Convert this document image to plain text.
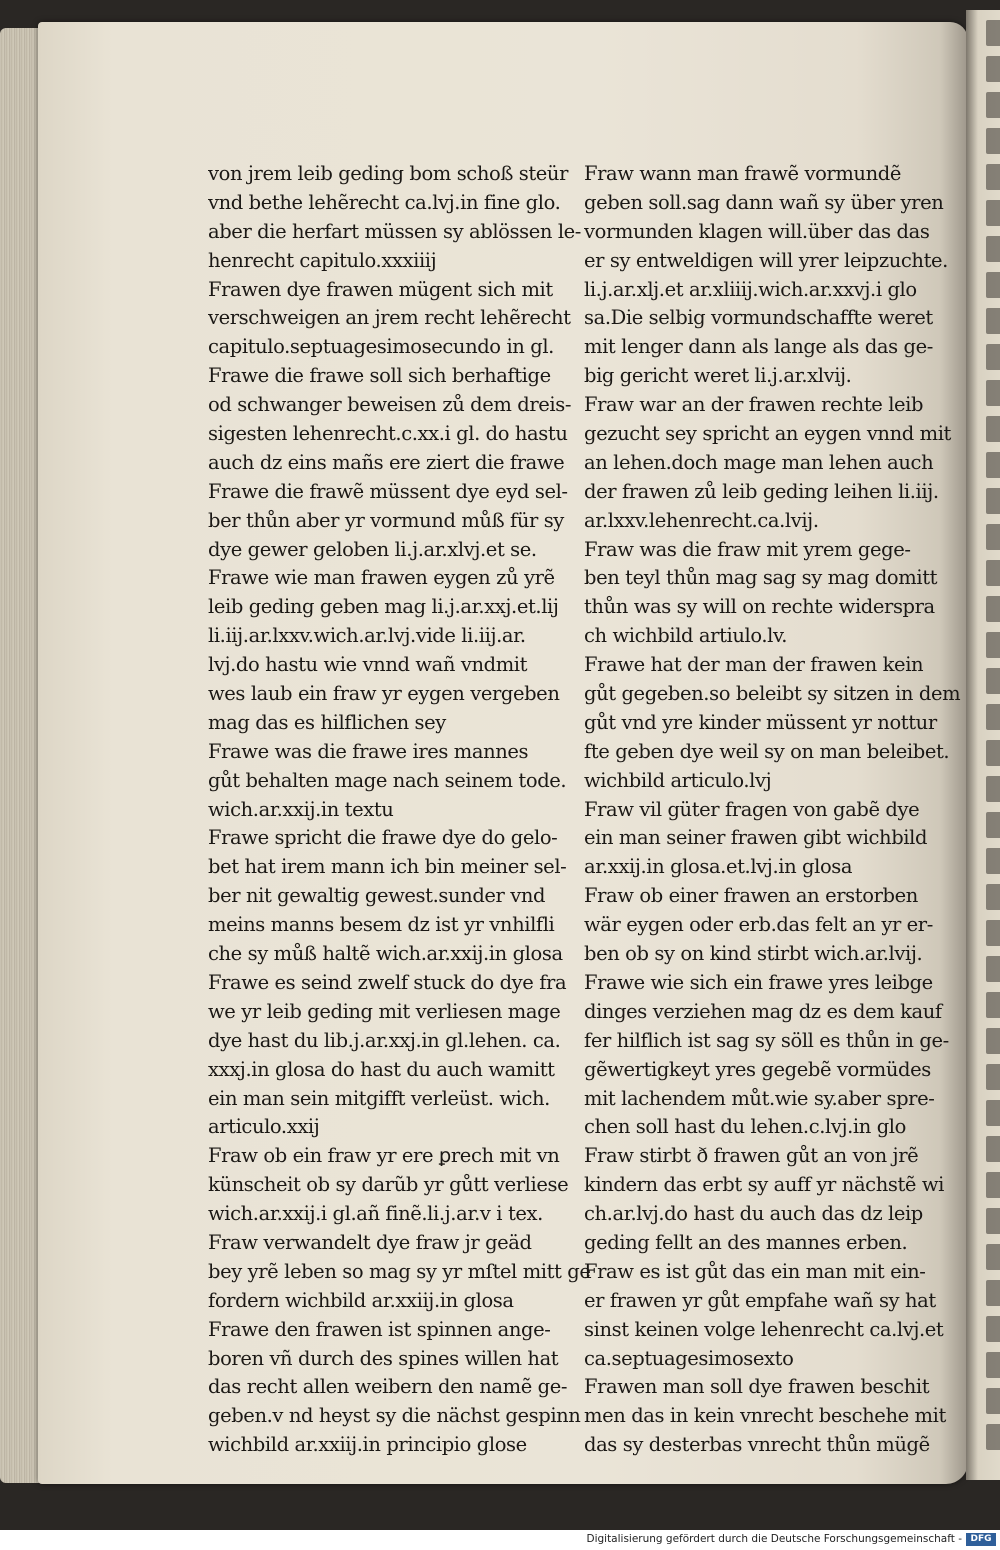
von jrem leib geding bom schoß steür
vnd bethe lehẽrecht ca.lvj.in fine glo.
aber die herfart müssen sy ablössen le-
henrecht capitulo.xxxiiij
Frawen dye frawen mügent sich mit
verschweigen an jrem recht lehẽrecht
capitulo.septuagesimosecundo in gl.
Frawe die frawe soll sich berhaftige
od schwanger beweisen zů dem dreis-
sigesten lehenrecht.c.xx.i gl. do hastu
auch dz eins mañs ere ziert die frawe
Frawe die frawẽ müssent dye eyd sel-
ber thůn aber yr vormund můß für sy
dye gewer geloben li.j.ar.xlvj.et se.
Frawe wie man frawen eygen zů yrẽ
leib geding geben mag li.j.ar.xxj.et.lij
li.iij.ar.lxxv.wich.ar.lvj.vide li.iij.ar.
lvj.do hastu wie vnnd wañ vndmit
wes laub ein fraw yr eygen vergeben
mag das es hilflichen sey
Frawe was die frawe ires mannes
gůt behalten mage nach seinem tode.
wich.ar.xxij.in textu
Frawe spricht die frawe dye do gelo-
bet hat irem mann ich bin meiner sel-
ber nit gewaltig gewest.sunder vnd
meins manns besem dz ist yr vnhilfli
che sy můß haltẽ wich.ar.xxij.in glosa
Frawe es seind zwelf stuck do dye fra
we yr leib geding mit verliesen mage
dye hast du lib.j.ar.xxj.in gl.lehen. ca.
xxxj.in glosa do hast du auch wamitt
ein man sein mitgifft verleüst. wich.
articulo.xxij
Fraw ob ein fraw yr ere ꝑrech mit vn
künscheit ob sy darũb yr gůtt verliese
wich.ar.xxij.i gl.añ finẽ.li.j.ar.v i tex.
Fraw verwandelt dye fraw jr geäd
bey yrẽ leben so mag sy yr mſtel mitt ge
fordern wichbild ar.xxiij.in glosa
Frawe den frawen ist spinnen ange-
boren vñ durch des spines willen hat
das recht allen weibern den namẽ ge-
geben.v nd heyst sy die nächst gespinn
wichbild ar.xxiij.in principio glose
Fraw wann man frawẽ vormundẽ
geben soll.sag dann wañ sy über yren
vormunden klagen will.über das das
er sy entweldigen will yrer leipzuchte.
li.j.ar.xlj.et ar.xliiij.wich.ar.xxvj.i glo
sa.Die selbig vormundschaffte weret
mit lenger dann als lange als das ge-
big gericht weret li.j.ar.xlvij.
Fraw war an der frawen rechte leib
gezucht sey spricht an eygen vnnd mit
an lehen.doch mage man lehen auch
der frawen zů leib geding leihen li.iij.
ar.lxxv.lehenrecht.ca.lvij.
Fraw was die fraw mit yrem gege-
ben teyl thůn mag sag sy mag domitt
thůn was sy will on rechte widerspra
ch wichbild artiulo.lv.
Frawe hat der man der frawen kein
gůt gegeben.so beleibt sy sitzen in dem
gůt vnd yre kinder müssent yr nottur
fte geben dye weil sy on man beleibet.
wichbild articulo.lvj
Fraw vil güter fragen von gabẽ dye
ein man seiner frawen gibt wichbild
ar.xxij.in glosa.et.lvj.in glosa
Fraw ob einer frawen an erstorben
wär eygen oder erb.das felt an yr er-
ben ob sy on kind stirbt wich.ar.lvij.
Frawe wie sich ein frawe yres leibge
dinges verziehen mag dz es dem kauf
fer hilflich ist sag sy söll es thůn in ge-
gẽwertigkeyt yres gegebẽ vormüdes
mit lachendem můt.wie sy.aber spre-
chen soll hast du lehen.c.lvj.in glo
Fraw stirbt ð frawen gůt an von jrẽ
kindern das erbt sy auff yr nächstẽ wi
ch.ar.lvj.do hast du auch das dz leip
geding fellt an des mannes erben.
Fraw es ist gůt das ein man mit ein-
er frawen yr gůt empfahe wañ sy hat
sinst keinen volge lehenrecht ca.lvj.et
ca.septuagesimosexto
Frawen man soll dye frawen beschit
men das in kein vnrecht beschehe mit
das sy desterbas vnrecht thůn mügẽ
Digitalisierung gefördert durch die Deutsche Forschungsgemeinschaft - DFG
